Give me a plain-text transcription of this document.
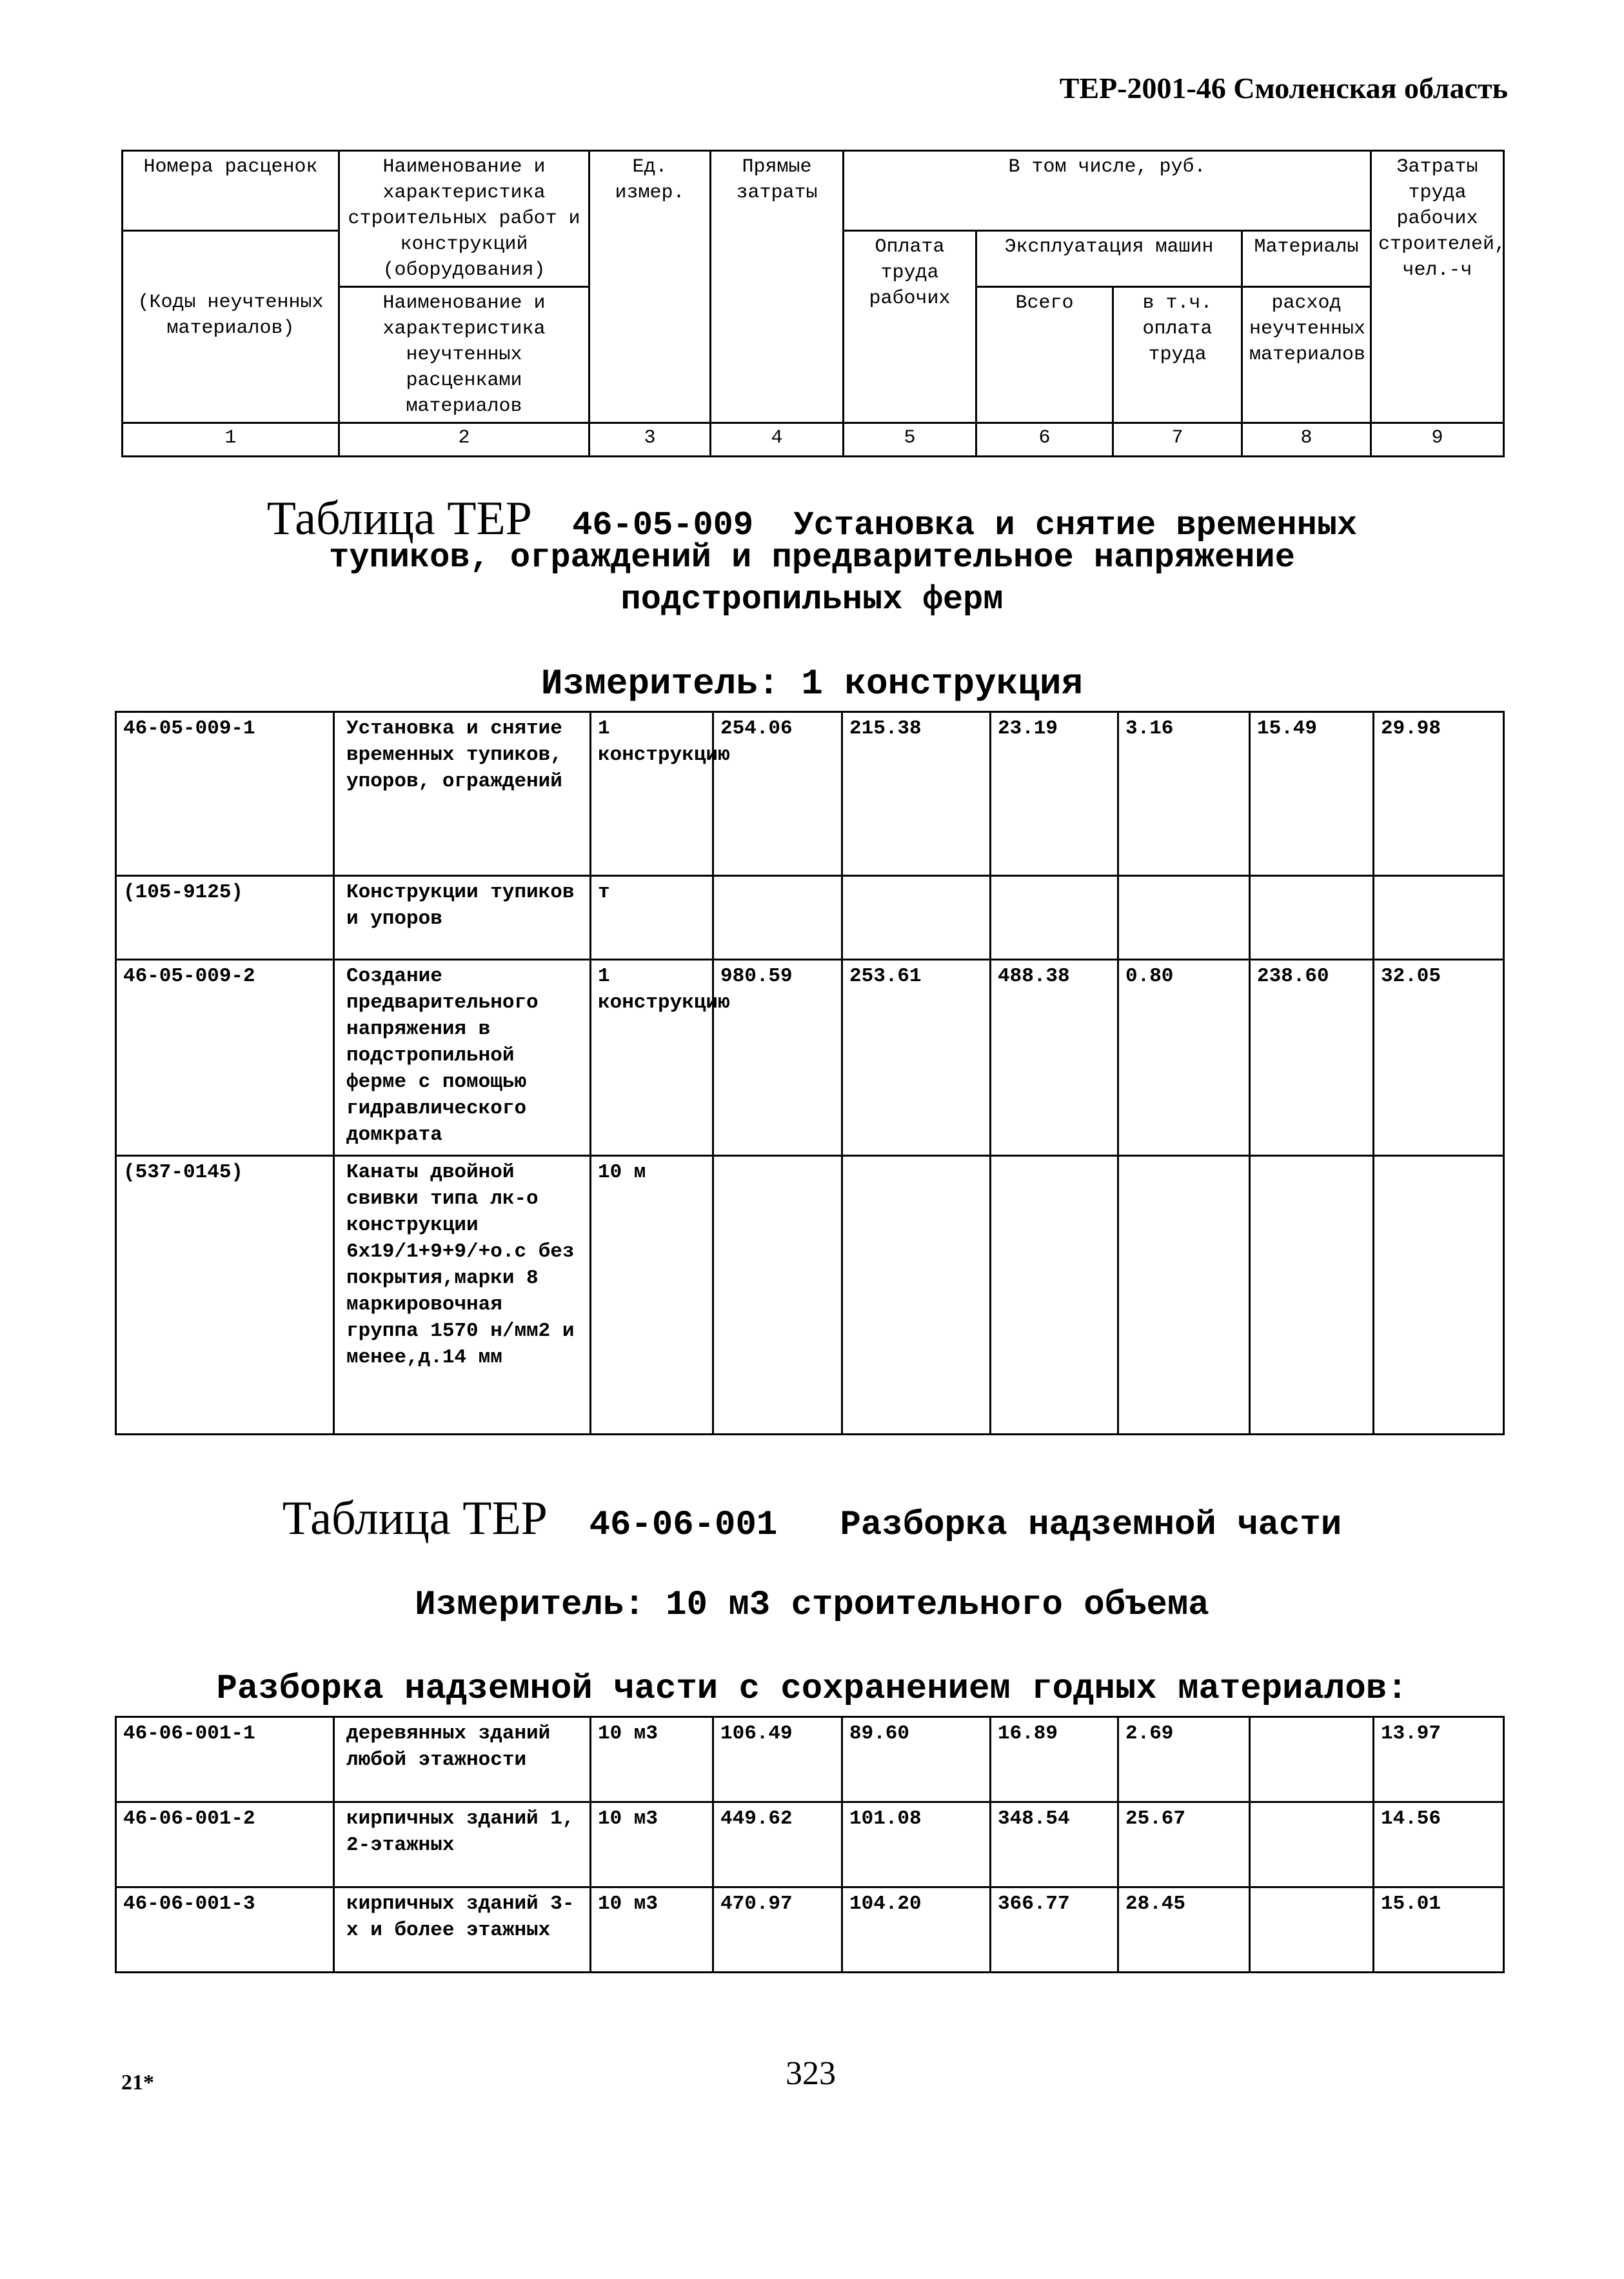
ТЕР-2001-46 Смоленская область
Номера расценок	Наименование и характеристика строительных работ и конструкций (оборудования)	Ед. измер.	Прямые затраты	В том числе, руб.				Затраты труда рабочих строителей, чел.-ч
				Оплата труда рабочих	Эксплуатация машин		Материалы	
(Коды неучтенных материалов)	Наименование и характеристика неучтенных расценками материалов				Всего	в т.ч. оплата труда	расход неучтенных материалов	
1	2	3	4	5	6	7	8	9
Таблица ТЕР 46-05-009 Установка и снятие временных
тупиков, ограждений и предварительное напряжение
подстропильных ферм
Измеритель: 1 конструкция
46-05-009-1	Установка и снятие временных тупиков, упоров, ограждений	1 конструкцию	254.06	215.38	23.19	3.16	15.49	29.98
(105-9125)	Конструкции тупиков и упоров	т						
46-05-009-2	Создание предварительного напряжения в подстропильной ферме с помощью гидравлического домкрата	1 конструкцию	980.59	253.61	488.38	0.80	238.60	32.05
(537-0145)	Канаты двойной свивки типа лк-о конструкции 6х19/1+9+9/+о.с без покрытия,марки 8 маркировочная группа 1570 н/мм2 и менее,д.14 мм	10 м						
Таблица ТЕР 46-06-001 Разборка надземной части
Измеритель: 10 м3 строительного объема
Разборка надземной части с сохранением годных материалов:
46-06-001-1	деревянных зданий любой этажности	10 м3	106.49	89.60	16.89	2.69		13.97
46-06-001-2	кирпичных зданий 1, 2-этажных	10 м3	449.62	101.08	348.54	25.67		14.56
46-06-001-3	кирпичных зданий 3-х и более этажных	10 м3	470.97	104.20	366.77	28.45		15.01
21*	323
